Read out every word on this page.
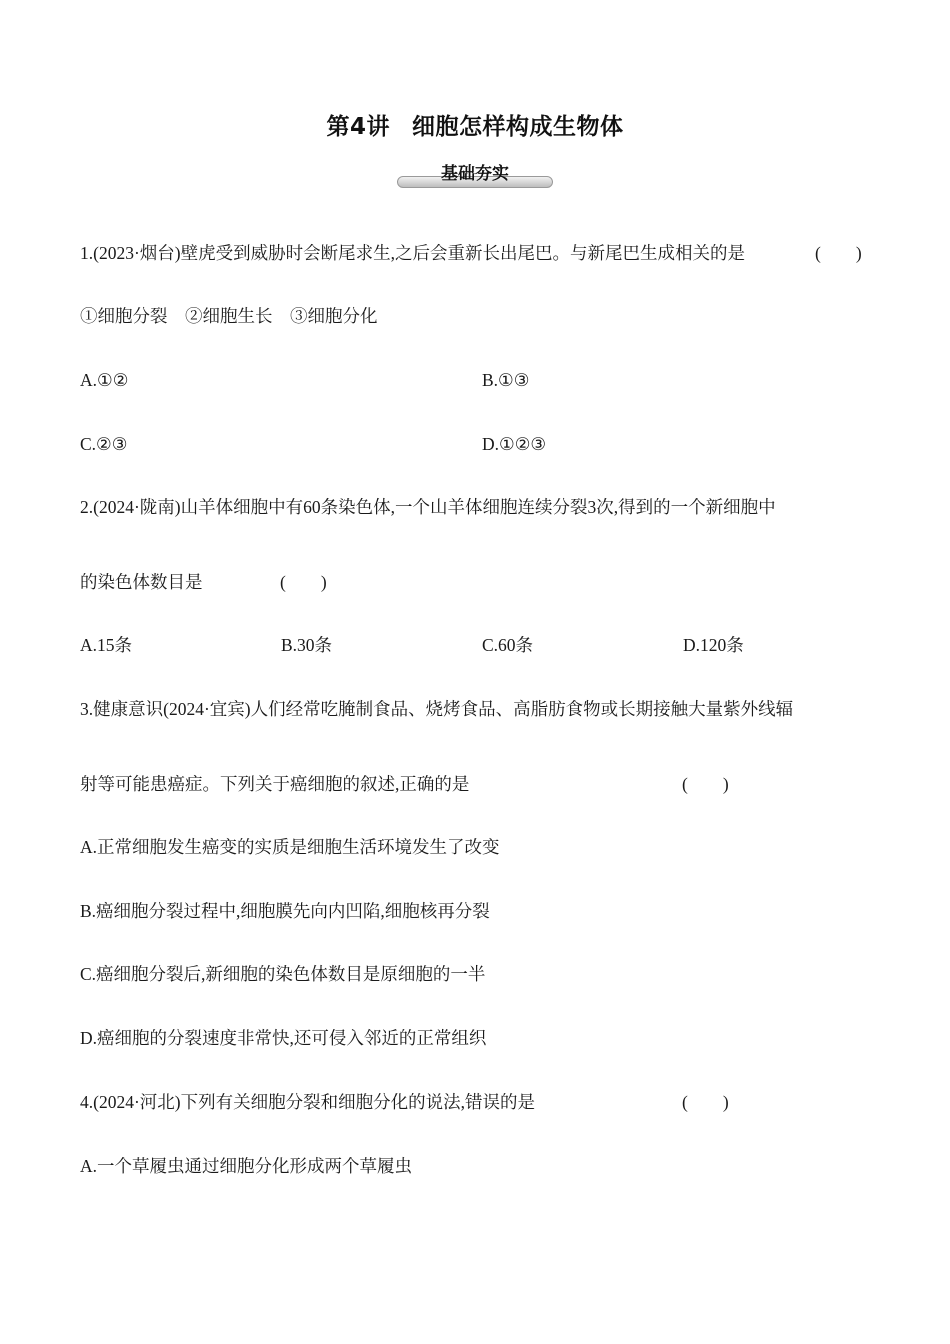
第4讲 细胞怎样构成生物体
基础夯实
1.(2023·烟台)壁虎受到威胁时会断尾求生,之后会重新长出尾巴。与新尾巴生成相关的是	(　　)
①细胞分裂　②细胞生长　③细胞分化
A.①②	B.①③
C.②③	D.①②③
2.(2024·陇南)山羊体细胞中有60条染色体,一个山羊体细胞连续分裂3次,得到的一个新细胞中
的染色体数目是	(　　)
A.15条	B.30条	C.60条	D.120条
3.健康意识(2024·宜宾)人们经常吃腌制食品、烧烤食品、高脂肪食物或长期接触大量紫外线辐
射等可能患癌症。下列关于癌细胞的叙述,正确的是	(　　)
A.正常细胞发生癌变的实质是细胞生活环境发生了改变
B.癌细胞分裂过程中,细胞膜先向内凹陷,细胞核再分裂
C.癌细胞分裂后,新细胞的染色体数目是原细胞的一半
D.癌细胞的分裂速度非常快,还可侵入邻近的正常组织
4.(2024·河北)下列有关细胞分裂和细胞分化的说法,错误的是	(　　)
A.一个草履虫通过细胞分化形成两个草履虫
